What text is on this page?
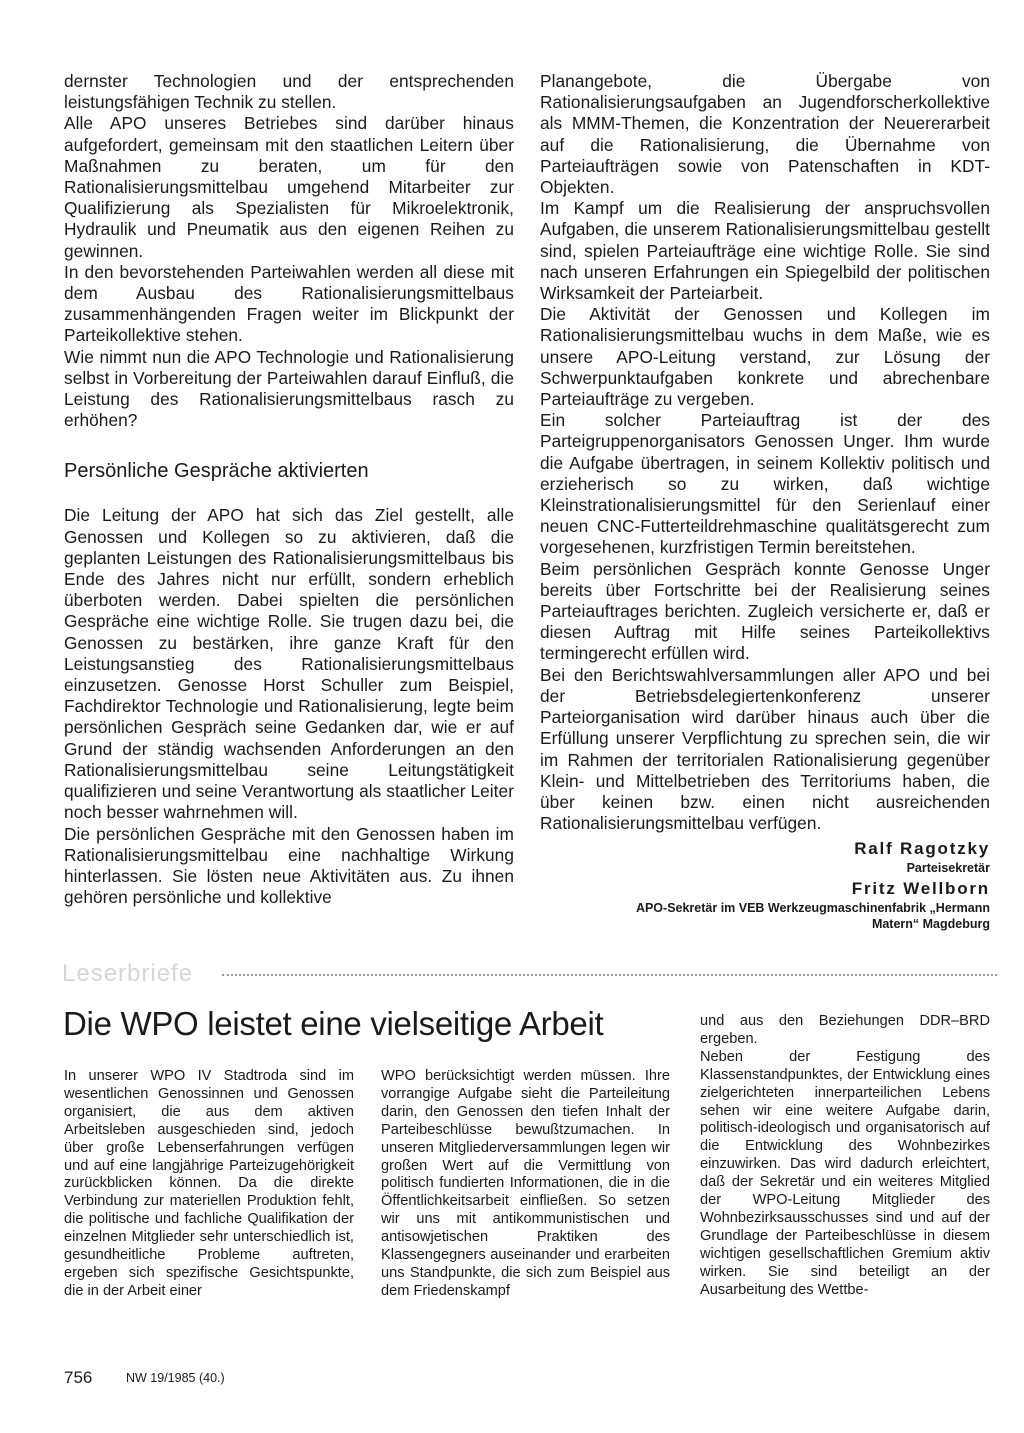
dernster Technologien und der entsprechenden leistungsfähigen Technik zu stellen.

Alle APO unseres Betriebes sind darüber hinaus aufgefordert, gemeinsam mit den staatlichen Leitern über Maßnahmen zu beraten, um für den Rationalisierungsmittelbau umgehend Mitarbeiter zur Qualifizierung als Spezialisten für Mikroelektronik, Hydraulik und Pneumatik aus den eigenen Reihen zu gewinnen.

In den bevorstehenden Parteiwahlen werden all diese mit dem Ausbau des Rationalisierungsmittelbaus zusammenhängenden Fragen weiter im Blickpunkt der Parteikollektive stehen.

Wie nimmt nun die APO Technologie und Rationalisierung selbst in Vorbereitung der Parteiwahlen darauf Einfluß, die Leistung des Rationalisierungsmittelbaus rasch zu erhöhen?

Persönliche Gespräche aktivierten

Die Leitung der APO hat sich das Ziel gestellt, alle Genossen und Kollegen so zu aktivieren, daß die geplanten Leistungen des Rationalisierungsmittelbaus bis Ende des Jahres nicht nur erfüllt, sondern erheblich überboten werden. Dabei spielten die persönlichen Gespräche eine wichtige Rolle. Sie trugen dazu bei, die Genossen zu bestärken, ihre ganze Kraft für den Leistungsanstieg des Rationalisierungsmittelbaus einzusetzen. Genosse Horst Schuller zum Beispiel, Fachdirektor Technologie und Rationalisierung, legte beim persönlichen Gespräch seine Gedanken dar, wie er auf Grund der ständig wachsenden Anforderungen an den Rationalisierungsmittelbau seine Leitungstätigkeit qualifizieren und seine Verantwortung als staatlicher Leiter noch besser wahrnehmen will.

Die persönlichen Gespräche mit den Genossen haben im Rationalisierungsmittelbau eine nachhaltige Wirkung hinterlassen. Sie lösten neue Aktivitäten aus. Zu ihnen gehören persönliche und kollektive

Planangebote, die Übergabe von Rationalisierungsaufgaben an Jugendforscherkollektive als MMM-Themen, die Konzentration der Neuererarbeit auf die Rationalisierung, die Übernahme von Parteiaufträgen sowie von Patenschaften in KDT-Objekten.

Im Kampf um die Realisierung der anspruchsvollen Aufgaben, die unserem Rationalisierungsmittelbau gestellt sind, spielen Parteiaufträge eine wichtige Rolle. Sie sind nach unseren Erfahrungen ein Spiegelbild der politischen Wirksamkeit der Parteiarbeit.

Die Aktivität der Genossen und Kollegen im Rationalisierungsmittelbau wuchs in dem Maße, wie es unsere APO-Leitung verstand, zur Lösung der Schwerpunktaufgaben konkrete und abrechenbare Parteiaufträge zu vergeben.

Ein solcher Parteiauftrag ist der des Parteigruppenorganisators Genossen Unger. Ihm wurde die Aufgabe übertragen, in seinem Kollektiv politisch und erzieherisch so zu wirken, daß wichtige Kleinstrationalisierungsmittel für den Serienlauf einer neuen CNC-Futterteildrehmaschine qualitätsgerecht zum vorgesehenen, kurzfristigen Termin bereitstehen.

Beim persönlichen Gespräch konnte Genosse Unger bereits über Fortschritte bei der Realisierung seines Parteiauftrages berichten. Zugleich versicherte er, daß er diesen Auftrag mit Hilfe seines Parteikollektivs termingerecht erfüllen wird.

Bei den Berichtswahlversammlungen aller APO und bei der Betriebsdelegiertenkonferenz unserer Parteiorganisation wird darüber hinaus auch über die Erfüllung unserer Verpflichtung zu sprechen sein, die wir im Rahmen der territorialen Rationalisierung gegenüber Klein- und Mittelbetrieben des Territoriums haben, die über keinen bzw. einen nicht ausreichenden Rationalisierungsmittelbau verfügen.

Ralf Ragotzky
Parteisekretär
Fritz Wellborn
APO-Sekretär im VEB Werkzeugmaschinenfabrik „Hermann
Matern“ Magdeburg
Leserbriefe
Die WPO leistet eine vielseitige Arbeit

In unserer WPO IV Stadtroda sind im wesentlichen Genossinnen und Genossen organisiert, die aus dem aktiven Arbeitsleben ausgeschieden sind, jedoch über große Lebenserfahrungen verfügen und auf eine langjährige Parteizugehörigkeit zurückblicken können. Da die direkte Verbindung zur materiellen Produktion fehlt, die politische und fachliche Qualifikation der einzelnen Mitglieder sehr unterschiedlich ist, gesundheitliche Probleme auftreten, ergeben sich spezifische Gesichtspunkte, die in der Arbeit einer

WPO berücksichtigt werden müssen. Ihre vorrangige Aufgabe sieht die Parteileitung darin, den Genossen den tiefen Inhalt der Parteibeschlüsse bewußtzumachen. In unseren Mitgliederversammlungen legen wir großen Wert auf die Vermittlung von politisch fundierten Informationen, die in die Öffentlichkeitsarbeit einfließen. So setzen wir uns mit antikommunistischen und antisowjetischen Praktiken des Klassengegners auseinander und erarbeiten uns Standpunkte, die sich zum Beispiel aus dem Friedenskampf

und aus den Beziehungen DDR–BRD ergeben.

Neben der Festigung des Klassenstandpunktes, der Entwicklung eines zielgerichteten innerparteilichen Lebens sehen wir eine weitere Aufgabe darin, politisch-ideologisch und organisatorisch auf die Entwicklung des Wohnbezirkes einzuwirken. Das wird dadurch erleichtert, daß der Sekretär und ein weiteres Mitglied der WPO-Leitung Mitglieder des Wohnbezirksausschusses sind und auf der Grundlage der Parteibeschlüsse in diesem wichtigen gesellschaftlichen Gremium aktiv wirken. Sie sind beteiligt an der Ausarbeitung des Wettbe-

756	NW 19/1985 (40.)
